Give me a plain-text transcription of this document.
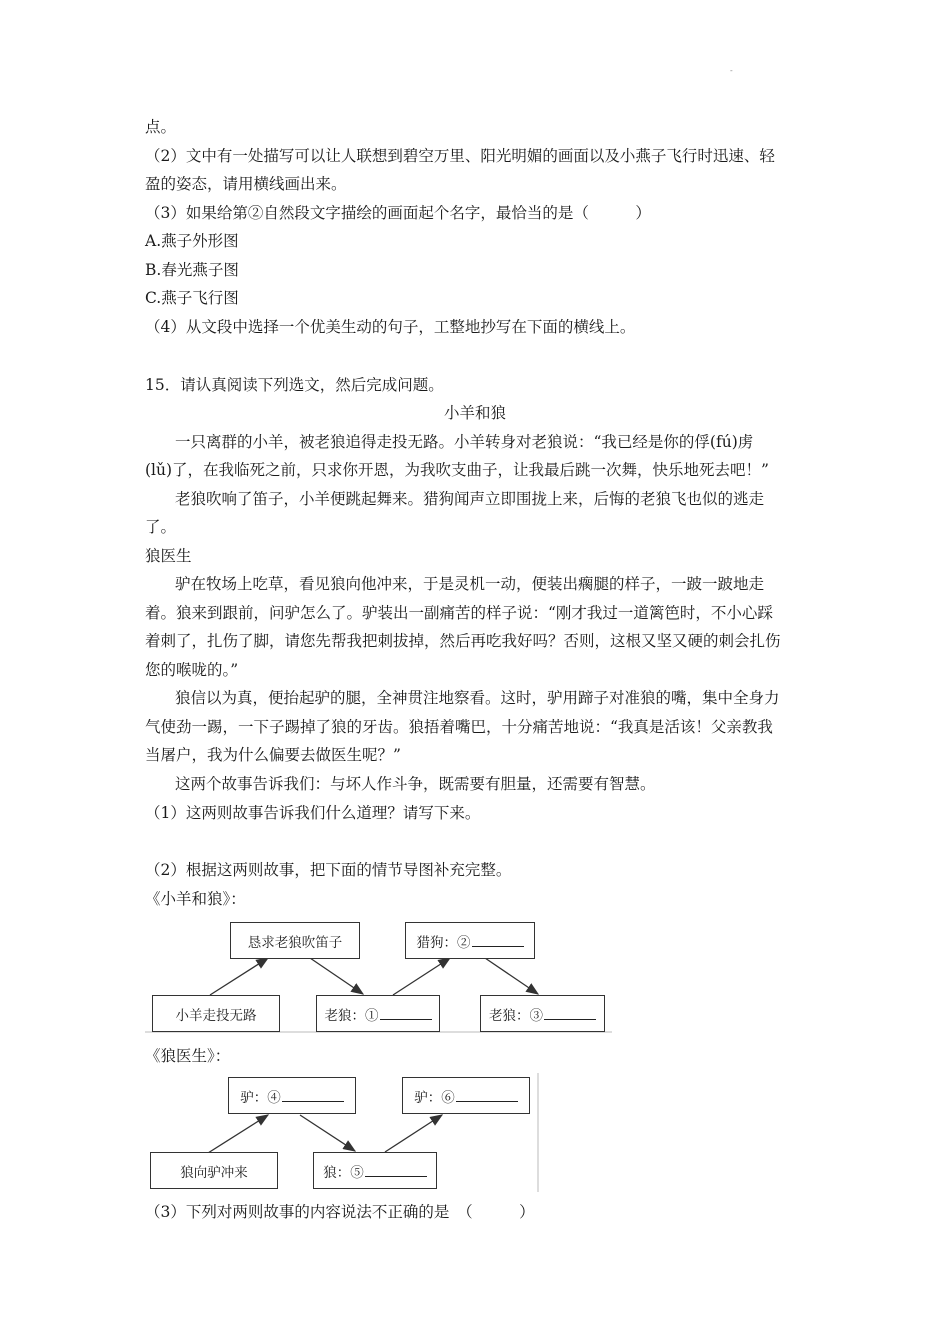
-
点。
（2）文中有一处描写可以让人联想到碧空万里、阳光明媚的画面以及小燕子飞行时迅速、轻
盈的姿态，请用横线画出来。
（3）如果给第②自然段文字描绘的画面起个名字，最恰当的是（　　　）
A.燕子外形图
B.春光燕子图
C.燕子飞行图
（4）从文段中选择一个优美生动的句子，工整地抄写在下面的横线上。
15．请认真阅读下列选文，然后完成问题。
小羊和狼
一只离群的小羊，被老狼追得走投无路。小羊转身对老狼说：“我已经是你的俘(fú)虏
(lǔ)了，在我临死之前，只求你开恩，为我吹支曲子，让我最后跳一次舞，快乐地死去吧！”
老狼吹响了笛子，小羊便跳起舞来。猎狗闻声立即围拢上来，后悔的老狼飞也似的逃走
了。
狼医生
驴在牧场上吃草，看见狼向他冲来，于是灵机一动，便装出瘸腿的样子，一跛一跛地走
着。狼来到跟前，问驴怎么了。驴装出一副痛苦的样子说：“刚才我过一道篱笆时，不小心踩
着刺了，扎伤了脚，请您先帮我把刺拔掉，然后再吃我好吗？否则，这根又坚又硬的刺会扎伤
您的喉咙的。”
狼信以为真，便抬起驴的腿，全神贯注地察看。这时，驴用蹄子对准狼的嘴，集中全身力
气使劲一踢，一下子踢掉了狼的牙齿。狼捂着嘴巴，十分痛苦地说：“我真是活该！父亲教我
当屠户，我为什么偏要去做医生呢？”
这两个故事告诉我们：与坏人作斗争，既需要有胆量，还需要有智慧。
（1）这两则故事告诉我们什么道理？请写下来。
（2）根据这两则故事，把下面的情节导图补充完整。
《小羊和狼》：
恳求老狼吹笛子	猎狗：②
小羊走投无路	老狼：①	老狼：③
《狼医生》：
驴：④	驴：⑥
狼向驴冲来	狼：⑤
（3）下列对两则故事的内容说法不正确的是　（　　　）
